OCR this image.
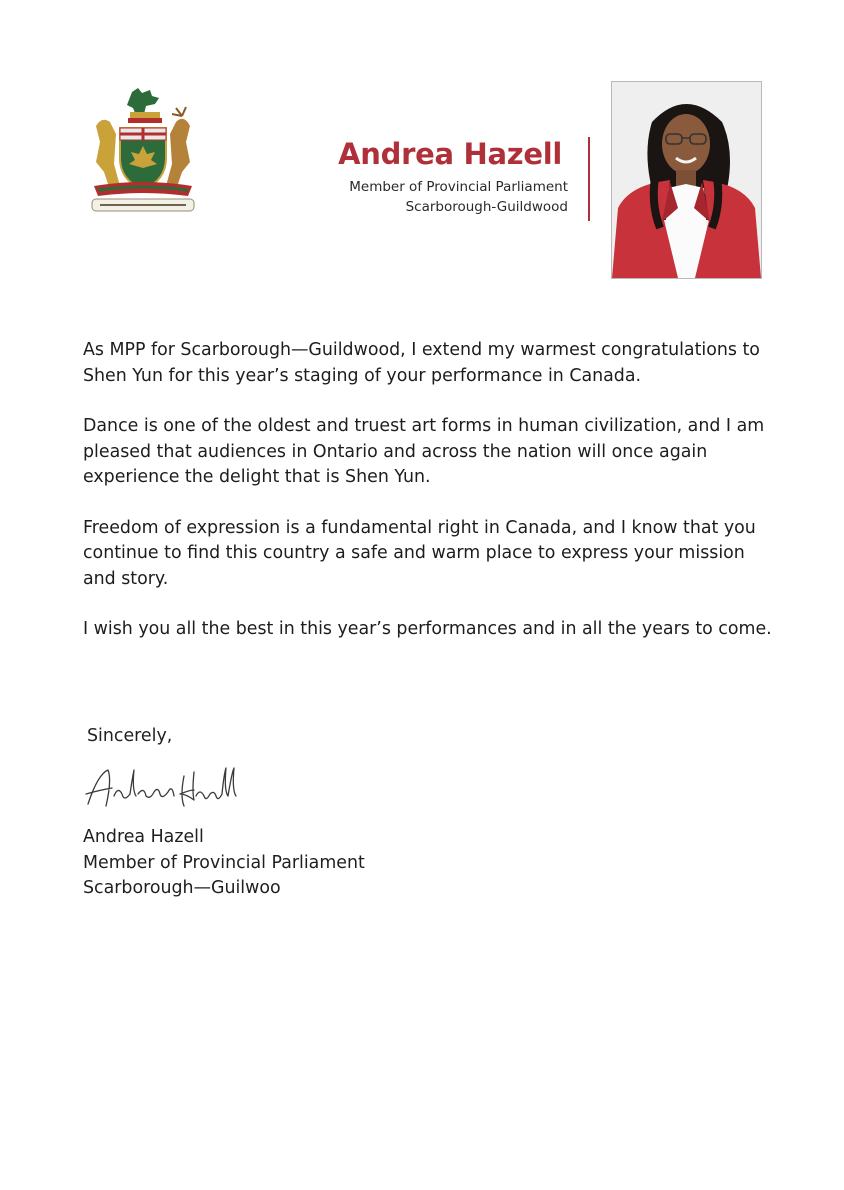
Andrea Hazell
Member of Provincial Parliament
Scarborough-Guildwood

As MPP for Scarborough—Guildwood, I extend my warmest congratulations to Shen Yun for this year’s staging of your performance in Canada.

Dance is one of the oldest and truest art forms in human civilization, and I am pleased that audiences in Ontario and across the nation will once again experience the delight that is Shen Yun.

Freedom of expression is a fundamental right in Canada, and I know that you continue to find this country a safe and warm place to express your mission and story.

I wish you all the best in this year’s performances and in all the years to come.

Sincerely,
Andrea Hazell
Member of Provincial Parliament
Scarborough—Guilwoo
